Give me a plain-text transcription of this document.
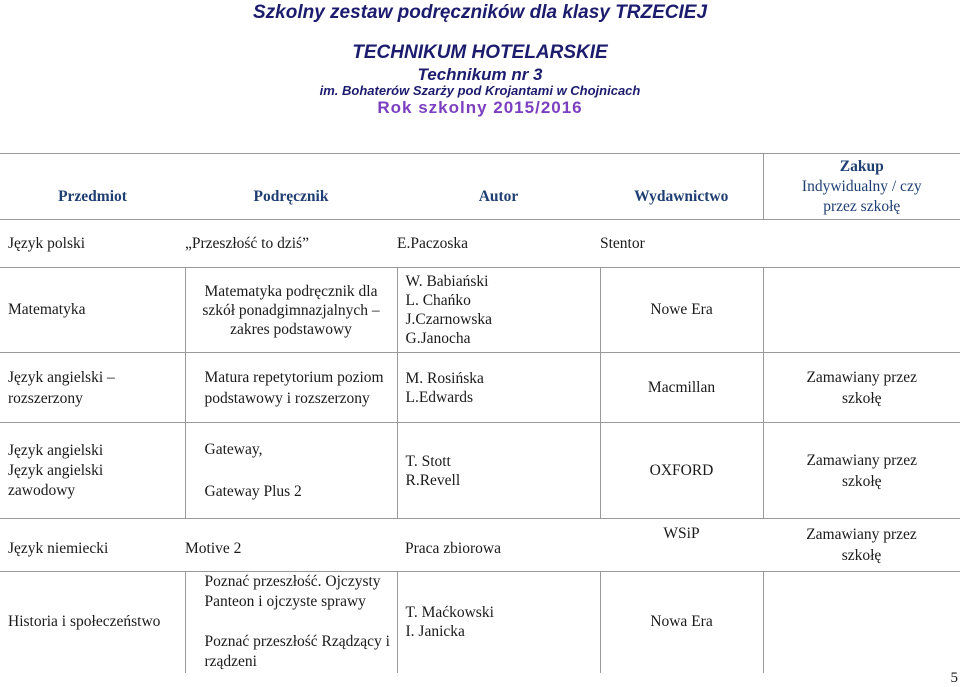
Szkolny zestaw podręczników dla klasy TRZECIEJ
TECHNIKUM HOTELARSKIE
Technikum nr 3
im. Bohaterów Szarży pod Krojantami w Chojnicach
Rok szkolny 2015/2016
Przedmiot	Podręcznik	Autor	Wydawnictwo	Zakup
Indywidualny / czy
przez szkołę

Język polski	„Przeszłość to dziś”	E.Paczoska	Stentor	
Matematyka	Matematyka podręcznik dla
szkół ponadgimnazjalnych –
zakres podstawowy	W. Babiański
L. Chańko
J.Czarnowska
G.Janocha	Nowe Era	

Język angielski –
rozszerzony	Matura repetytorium poziom
podstawowy i rozszerzony	M. Rosińska
L.Edwards	Macmillan	Zamawiany przez
szkołę

Język angielski
Język angielski
zawodowy	Gateway,
Gateway Plus 2	T. Stott
R.Revell	OXFORD	Zamawiany przez
szkołę

Język niemiecki	Motive 2	Praca zbiorowa	WSiP	Zamawiany przez
szkołę

Historia i społeczeństwo	Poznać przeszłość. Ojczysty
Panteon i ojczyste sprawy
Poznać przeszłość Rządzący i
rządzeni	T. Maćkowski
I. Janicka	Nowa Era	
5
